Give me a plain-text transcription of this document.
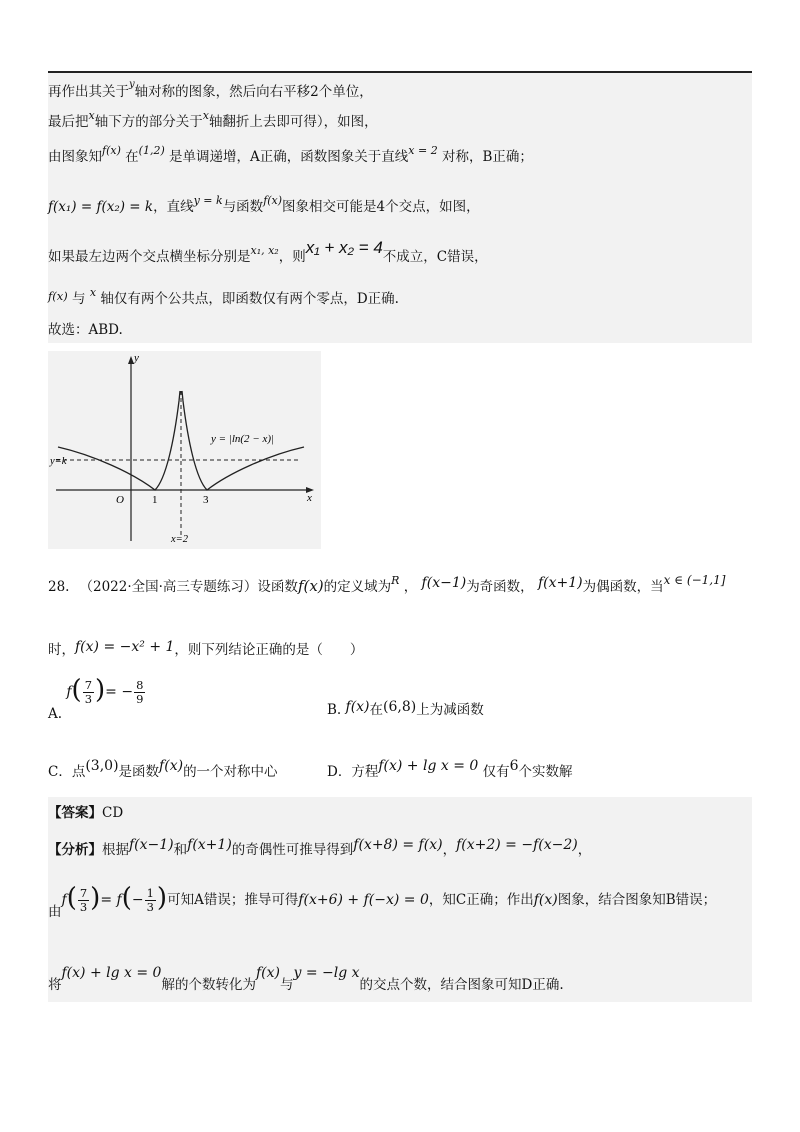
再作出其关于$^y$轴对称的图象，然后向右平移2个单位，
最后把$^x$轴下方的部分关于$^x$轴翻折上去即可得），如图，
由图象知$^{f(x)}$ 在$^{(1,2)}$ 是单调递增，A正确，函数图象关于直线$^{x = 2}$ 对称，B正确；
f(x₁) = f(x₂) = k，直线$^{y = k}$与函数$^{f(x)}$图象相交可能是4个交点，如图，
如果最左边两个交点横坐标分别是$^{x_1, x_2}$，则x₁ + x₂ = 4不成立，C错误，
f(x) 与 $^x$ 轴仅有两个公共点，即函数仅有两个零点，D正确.
故选：ABD.
y
x
O	1	3
y=k
x=2
y = |ln(2 − x)|
28. （2022·全国·高三专题练习）设函数f(x)的定义域为$^R$ ， f(x−1)为奇函数， f(x+1)为偶函数，当x ∈ (−1,1]
时，f(x) = −x² + 1，则下列结论正确的是（　　）
A. $f( \frac{7}{3}$ )= − $\frac{8}{9}$
B. f(x)在(6,8)上为减函数
C．点(3,0)是函数f(x)的一个对称中心	D．方程f(x) + lg x = 0 仅有6个实数解
【答案】CD
【分析】根据f(x−1)和f(x+1)的奇偶性可推导得到f(x+8) = f(x)，f(x+2) = −f(x−2)，
由$f( \frac{7}{3}$ )= $f(- \frac{1}{3}$ )可知A错误；推导可得f(x+6) + f(−x) = 0，知C正确；作出f(x)图象，结合图象知B错误；
将f(x) + lg x = 0解的个数转化为f(x)与y = −lg x的交点个数，结合图象可知D正确.
